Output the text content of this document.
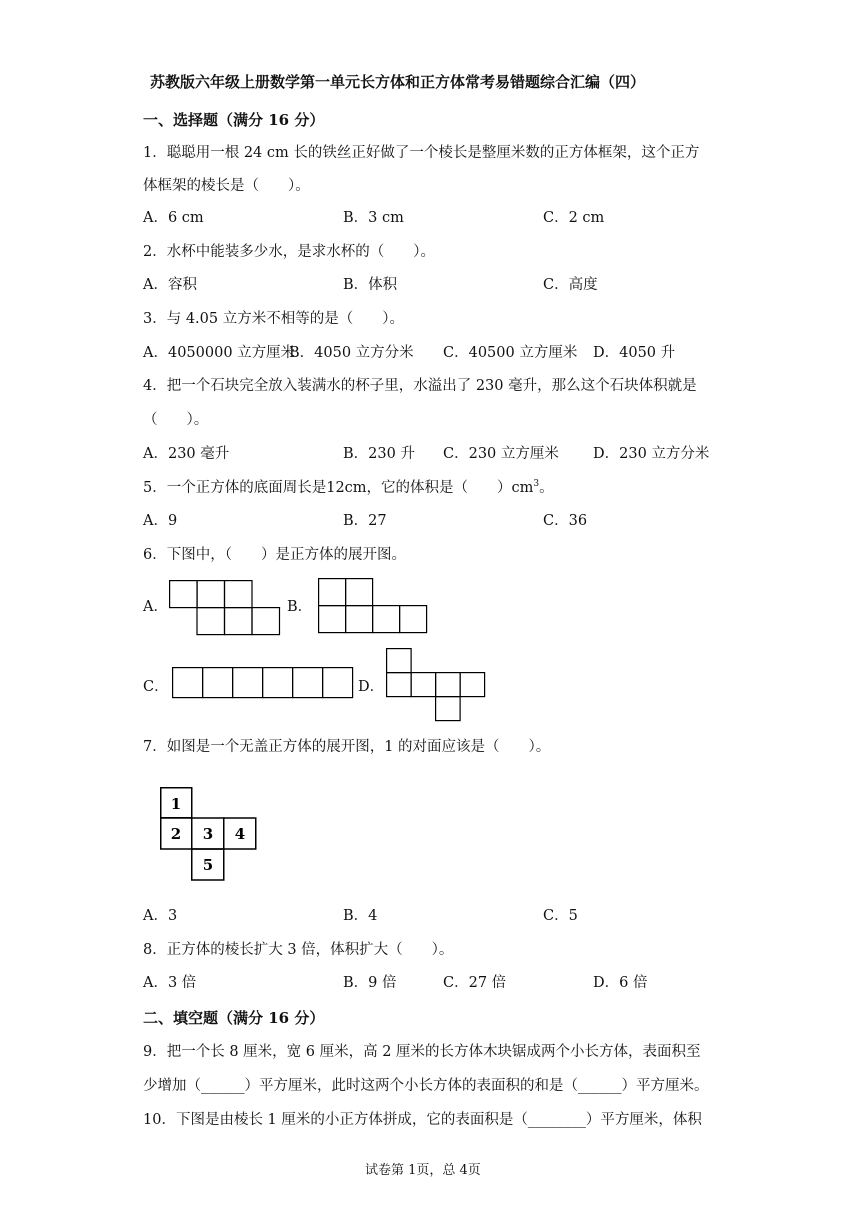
苏教版六年级上册数学第一单元长方体和正方体常考易错题综合汇编（四）
一、选择题（满分 16 分）
1．聪聪用一根 24 cm 长的铁丝正好做了一个棱长是整厘米数的正方体框架，这个正方
体框架的棱长是（　　）。
A．6 cm	B．3 cm	C．2 cm
2．水杯中能装多少水，是求水杯的（　　）。
A．容积	B．体积	C．高度
3．与 4.05 立方米不相等的是（　　）。
A．4050000 立方厘米
B．4050 立方分米 C．40500 立方厘米 D．4050 升
4．把一个石块完全放入装满水的杯子里，水溢出了 230 毫升，那么这个石块体积就是
（　　）。
A．230 毫升	B．230 升 C．230 立方厘米 D．230 立方分米
5．一个正方体的底面周长是12cm，它的体积是（　　）$cm^3$。
A．9	B．27	C．36
6．下图中，（　　）是正方体的展开图。
A．	B．
C．	D．
7．如图是一个无盖正方体的展开图，1 的对面应该是（　　）。
1
2 3 4
5
A．3	B．4	C．5
8．正方体的棱长扩大 3 倍，体积扩大（　　）。
A．3 倍	B．9 倍	C．27 倍	D．6 倍
二、填空题（满分 16 分）
9．把一个长 8 厘米，宽 6 厘米，高 2 厘米的长方体木块锯成两个小长方体，表面积至
少增加（______）平方厘米，此时这两个小长方体的表面积的和是（______）平方厘米。
10．下图是由棱长 1 厘米的小正方体拼成，它的表面积是（________）平方厘米，体积
试卷第 1页，总 4页
